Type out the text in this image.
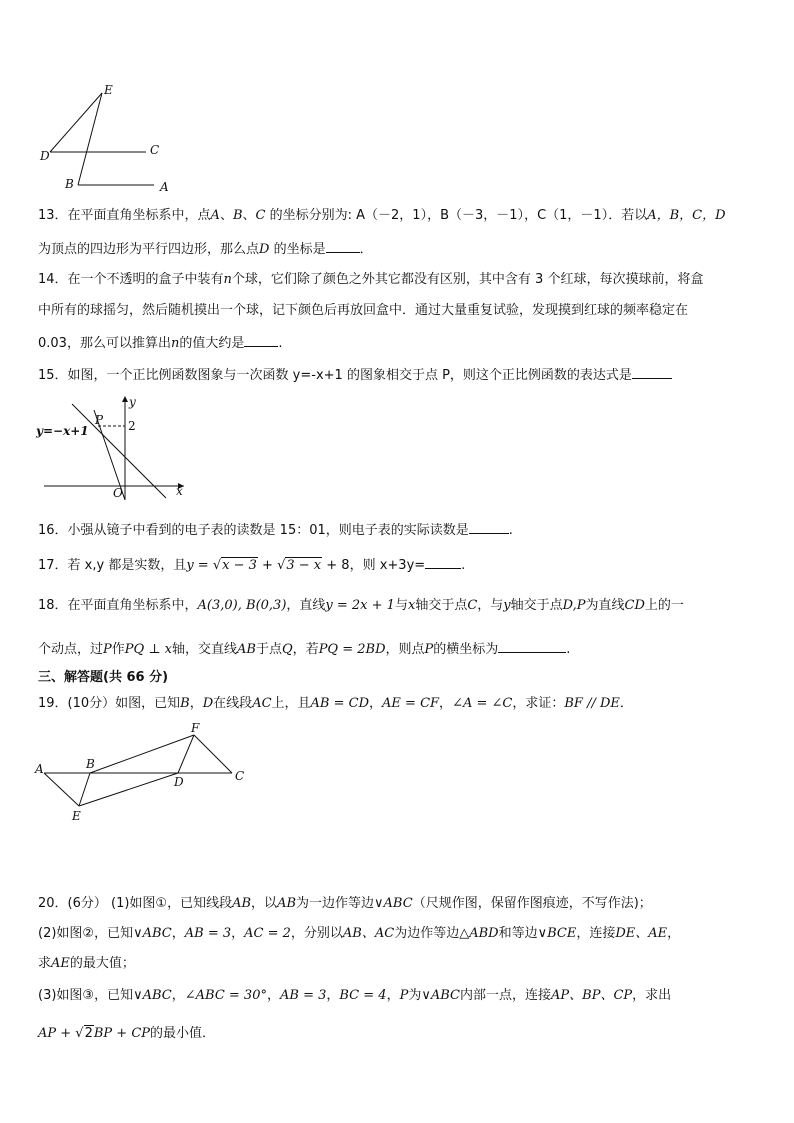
E
D	C
B	A
13．在平面直角坐标系中，点A、B、C 的坐标分别为: A（－2，1），B（－3，－1），C（1，－1）．若以A，B，C，D
为顶点的四边形为平行四边形，那么点D 的坐标是	．
14．在一个不透明的盒子中装有n个球，它们除了颜色之外其它都没有区别，其中含有 3 个红球，每次摸球前，将盒
中所有的球摇匀，然后随机摸出一个球，记下颜色后再放回盒中．通过大量重复试验，发现摸到红球的频率稳定在
0.03，那么可以推算出n的值大约是	.
15．如图，一个正比例函数图象与一次函数 y=-x+1 的图象相交于点 P，则这个正比例函数的表达式是
y
x
P
O
2
y=−x+1
16．小强从镜子中看到的电子表的读数是 15：01，则电子表的实际读数是	.
17．若 x,y 都是实数，且y = √x − 3 + √3 − x + 8，则 x+3y=	.
18．在平面直角坐标系中，A(3,0), B(0,3)，直线y = 2x + 1与x轴交于点C，与y轴交于点D,P为直线CD上的一
个动点，过P作PQ ⊥ x轴，交直线AB于点Q，若PQ = 2BD，则点P的横坐标为	.
三、解答题(共 66 分)
19．(10分）如图，已知B，D在线段AC上，且AB = CD，AE = CF，∠A = ∠C，求证：BF // DE．
F
A	B
D	C
E
20．(6分） (1)如图①，已知线段AB，以AB为一边作等边∨ABC（尺规作图，保留作图痕迹，不写作法)；
(2)如图②，已知∨ABC，AB = 3，AC = 2，分别以AB、AC为边作等边△ABD和等边∨BCE，连接DE、AE，
求AE的最大值；
(3)如图③，已知∨ABC，∠ABC = 30°，AB = 3，BC = 4，P为∨ABC内部一点，连接AP、BP、CP，求出
AP + √2BP + CP的最小值．
